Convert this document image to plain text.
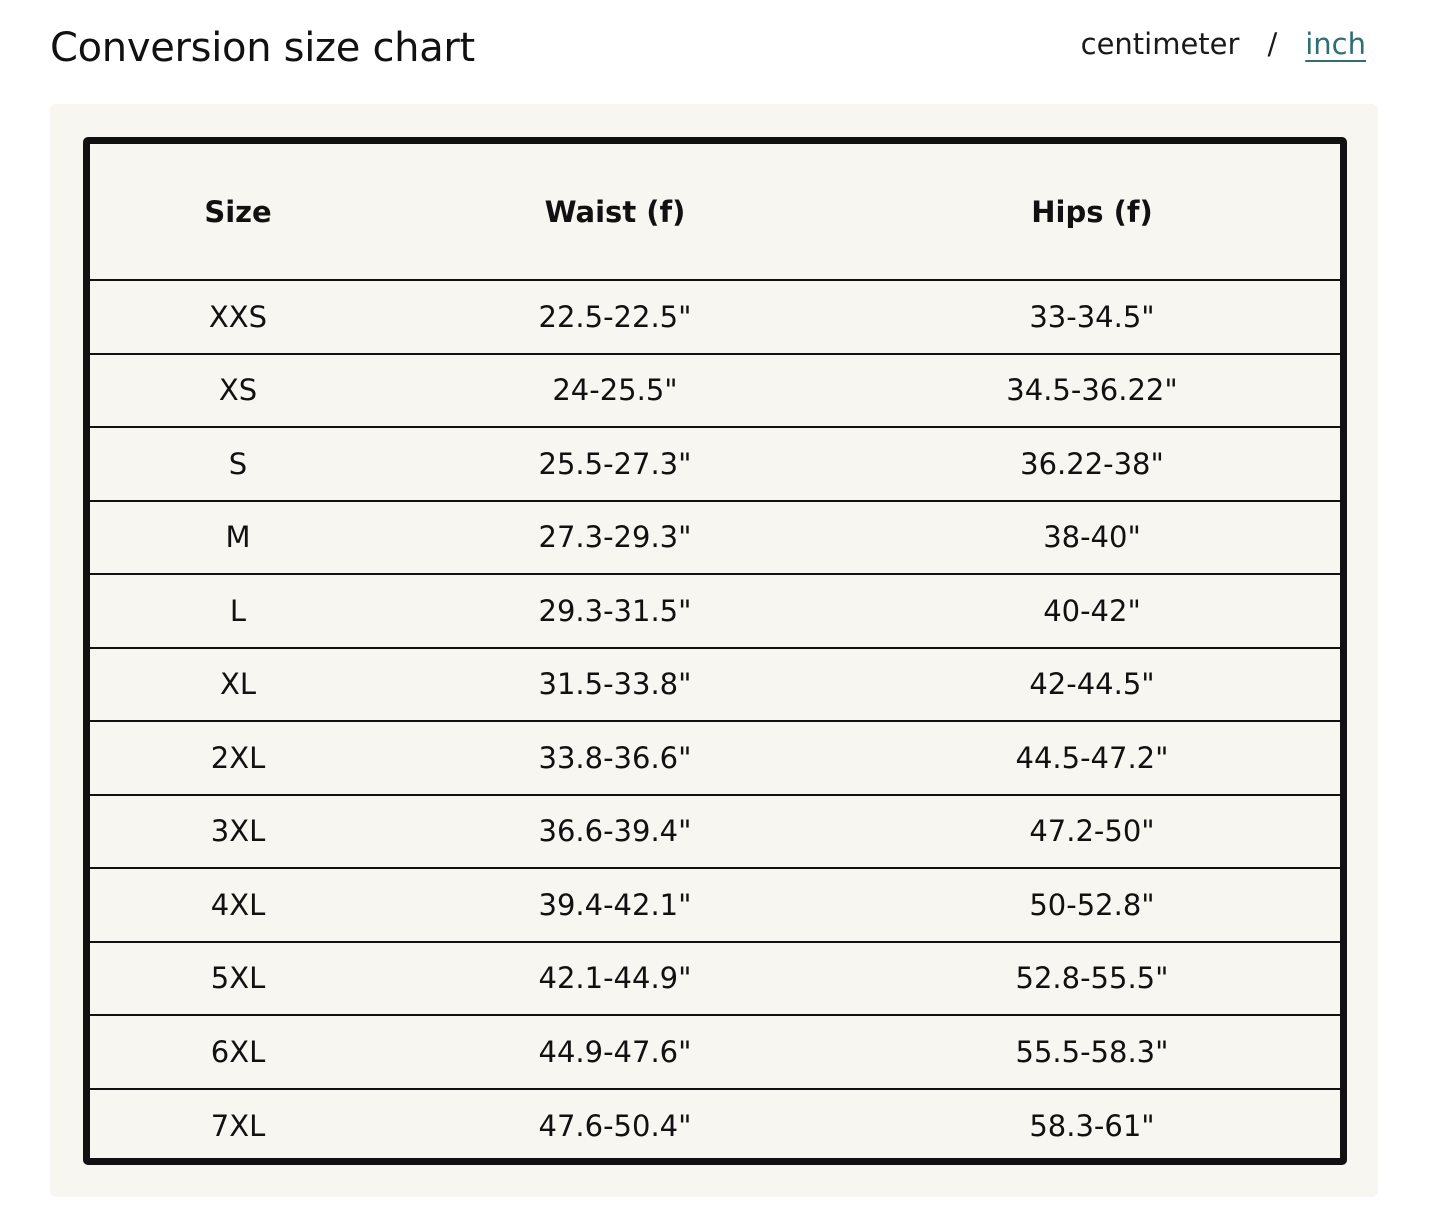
Conversion size chart	centimeter / inch
Size	Waist (f)	Hips (f)
XXS	22.5-22.5"	33-34.5"
XS	24-25.5"	34.5-36.22"
S	25.5-27.3"	36.22-38"
M	27.3-29.3"	38-40"
L	29.3-31.5"	40-42"
XL	31.5-33.8"	42-44.5"
2XL	33.8-36.6"	44.5-47.2"
3XL	36.6-39.4"	47.2-50"
4XL	39.4-42.1"	50-52.8"
5XL	42.1-44.9"	52.8-55.5"
6XL	44.9-47.6"	55.5-58.3"
7XL	47.6-50.4"	58.3-61"
